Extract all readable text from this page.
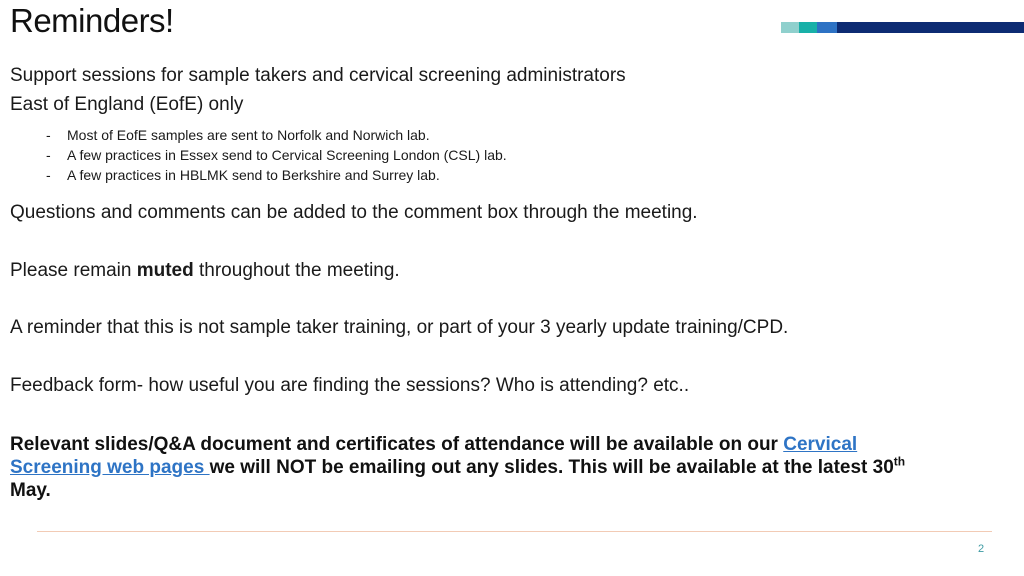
Reminders!
Support sessions for sample takers and cervical screening administrators
East of England (EofE) only
- Most of EofE samples are sent to Norfolk and Norwich lab.
- A few practices in Essex send to Cervical Screening London (CSL) lab.
- A few practices in HBLMK send to Berkshire and Surrey lab.
Questions and comments can be added to the comment box through the meeting.
Please remain muted throughout the meeting.
A reminder that this is not sample taker training, or part of your 3 yearly update training/CPD.
Feedback form- how useful you are finding the sessions? Who is attending? etc..
Relevant slides/Q&A document and certificates of attendance will be available on our Cervical Screening web pages we will NOT be emailing out any slides. This will be available at the latest 30th May.
2
